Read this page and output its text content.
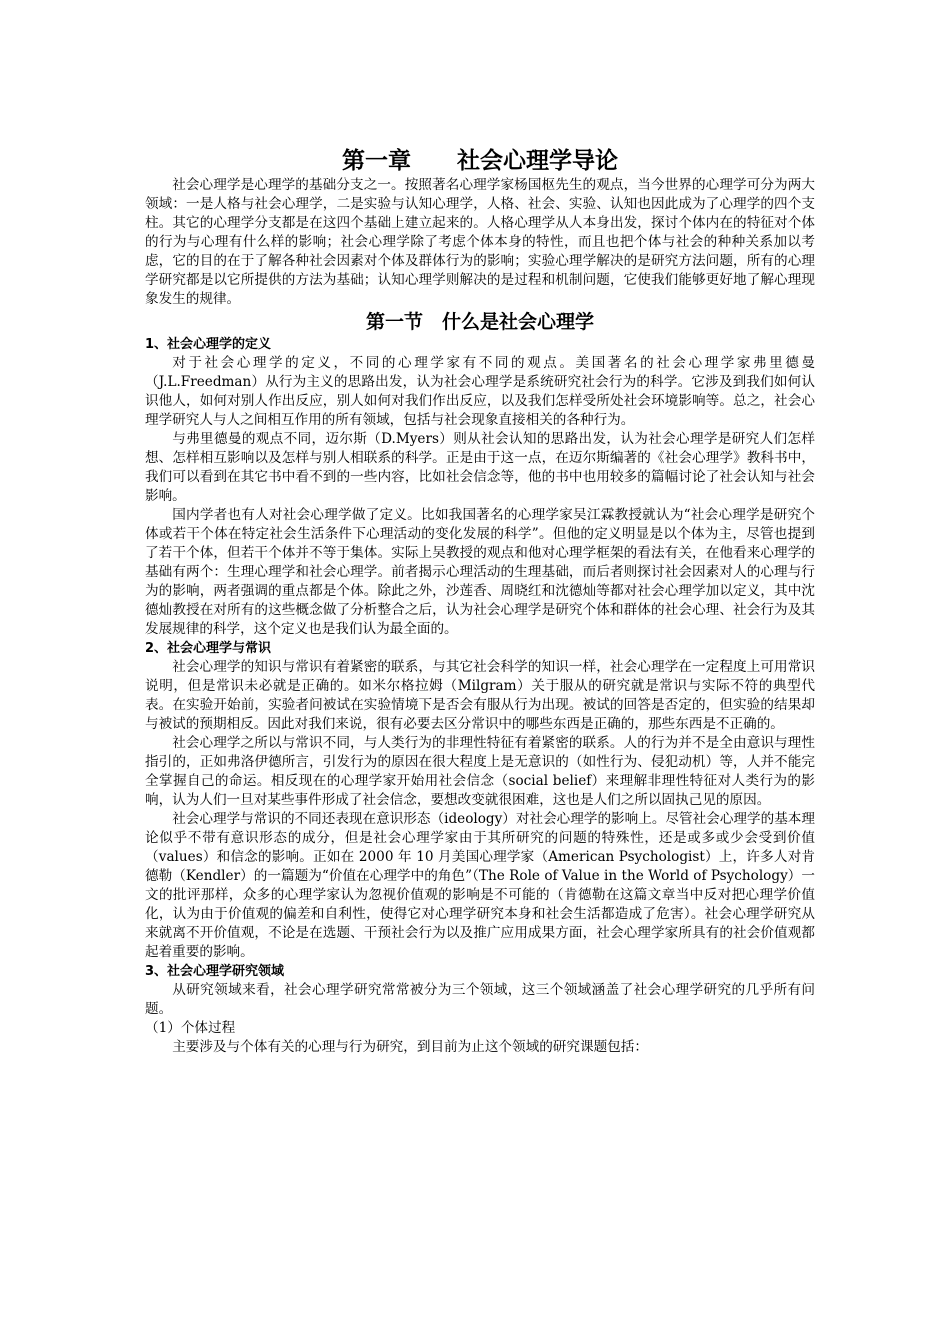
第一章　　社会心理学导论

社会心理学是心理学的基础分支之一。按照著名心理学家杨国枢先生的观点，当今世界的心理学可分为两大领域：一是人格与社会心理学，二是实验与认知心理学，人格、社会、实验、认知也因此成为了心理学的四个支柱。其它的心理学分支都是在这四个基础上建立起来的。人格心理学从人本身出发，探讨个体内在的特征对个体的行为与心理有什么样的影响；社会心理学除了考虑个体本身的特性，而且也把个体与社会的种种关系加以考虑，它的目的在于了解各种社会因素对个体及群体行为的影响；实验心理学解决的是研究方法问题，所有的心理学研究都是以它所提供的方法为基础；认知心理学则解决的是过程和机制问题，它使我们能够更好地了解心理现象发生的规律。

第一节　什么是社会心理学
1、社会心理学的定义

对于社会心理学的定义，不同的心理学家有不同的观点。美国著名的社会心理学家弗里德曼（J.L.Freedman）从行为主义的思路出发，认为社会心理学是系统研究社会行为的科学。它涉及到我们如何认识他人，如何对别人作出反应，别人如何对我们作出反应，以及我们怎样受所处社会环境影响等。总之，社会心理学研究人与人之间相互作用的所有领域，包括与社会现象直接相关的各种行为。

与弗里德曼的观点不同，迈尔斯（D.Myers）则从社会认知的思路出发，认为社会心理学是研究人们怎样想、怎样相互影响以及怎样与别人相联系的科学。正是由于这一点，在迈尔斯编著的《社会心理学》教科书中，我们可以看到在其它书中看不到的一些内容，比如社会信念等，他的书中也用较多的篇幅讨论了社会认知与社会影响。

国内学者也有人对社会心理学做了定义。比如我国著名的心理学家吴江霖教授就认为“社会心理学是研究个体或若干个体在特定社会生活条件下心理活动的变化发展的科学”。但他的定义明显是以个体为主，尽管也提到了若干个体，但若干个体并不等于集体。实际上吴教授的观点和他对心理学框架的看法有关，在他看来心理学的基础有两个：生理心理学和社会心理学。前者揭示心理活动的生理基础，而后者则探讨社会因素对人的心理与行为的影响，两者强调的重点都是个体。除此之外，沙莲香、周晓红和沈德灿等都对社会心理学加以定义，其中沈德灿教授在对所有的这些概念做了分析整合之后，认为社会心理学是研究个体和群体的社会心理、社会行为及其发展规律的科学，这个定义也是我们认为最全面的。

2、社会心理学与常识

社会心理学的知识与常识有着紧密的联系，与其它社会科学的知识一样，社会心理学在一定程度上可用常识说明，但是常识未必就是正确的。如米尔格拉姆（Milgram）关于服从的研究就是常识与实际不符的典型代表。在实验开始前，实验者问被试在实验情境下是否会有服从行为出现。被试的回答是否定的，但实验的结果却与被试的预期相反。因此对我们来说，很有必要去区分常识中的哪些东西是正确的，那些东西是不正确的。

社会心理学之所以与常识不同，与人类行为的非理性特征有着紧密的联系。人的行为并不是全由意识与理性指引的，正如弗洛伊德所言，引发行为的原因在很大程度上是无意识的（如性行为、侵犯动机）等，人并不能完全掌握自己的命运。相反现在的心理学家开始用社会信念（social belief）来理解非理性特征对人类行为的影响，认为人们一旦对某些事件形成了社会信念，要想改变就很困难，这也是人们之所以固执己见的原因。

社会心理学与常识的不同还表现在意识形态（ideology）对社会心理学的影响上。尽管社会心理学的基本理论似乎不带有意识形态的成分，但是社会心理学家由于其所研究的问题的特殊性，还是或多或少会受到价值（values）和信念的影响。正如在 2000 年 10 月美国心理学家（American Psychologist）上，许多人对肯德勒（Kendler）的一篇题为“价值在心理学中的角色”（The Role of Value in the World of Psychology）一文的批评那样，众多的心理学家认为忽视价值观的影响是不可能的（肯德勒在这篇文章当中反对把心理学价值化，认为由于价值观的偏差和自利性，使得它对心理学研究本身和社会生活都造成了危害）。社会心理学研究从来就离不开价值观，不论是在选题、干预社会行为以及推广应用成果方面，社会心理学家所具有的社会价值观都起着重要的影响。

3、社会心理学研究领域

从研究领域来看，社会心理学研究常常被分为三个领域，这三个领域涵盖了社会心理学研究的几乎所有问题。

（1）个体过程

主要涉及与个体有关的心理与行为研究，到目前为止这个领域的研究课题包括：
